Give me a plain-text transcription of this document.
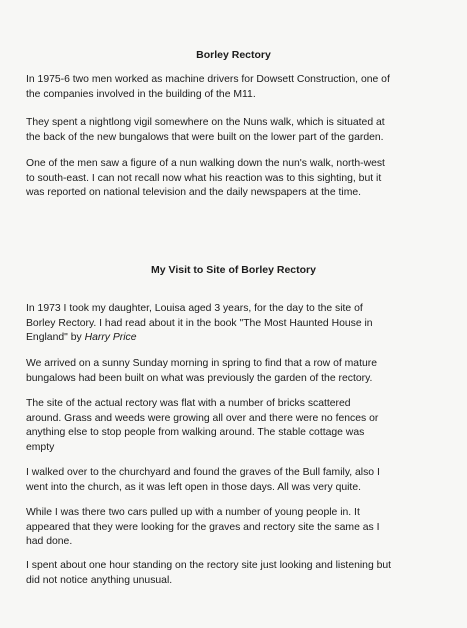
Borley Rectory
In 1975-6 two men worked as machine drivers for Dowsett Construction, one of
the companies involved in the building of the M11.
They spent a nightlong vigil somewhere on the Nuns walk, which is situated at
the back of the new bungalows that were built on the lower part of the garden.
One of the men saw a figure of a nun walking down the nun's walk, north-west
to south-east. I can not recall now what his reaction was to this sighting, but it
was reported on national television and the daily newspapers at the time.
My Visit to Site of Borley Rectory
In 1973 I took my daughter, Louisa aged 3 years, for the day to the site of
Borley Rectory. I had read about it in the book "The Most Haunted House in
England" by Harry Price
We arrived on a sunny Sunday morning in spring to find that a row of mature
bungalows had been built on what was previously the garden of the rectory.
The site of the actual rectory was flat with a number of bricks scattered
around. Grass and weeds were growing all over and there were no fences or
anything else to stop people from walking around. The stable cottage was
empty
I walked over to the churchyard and found the graves of the Bull family, also I
went into the church, as it was left open in those days. All was very quite.
While I was there two cars pulled up with a number of young people in. It
appeared that they were looking for the graves and rectory site the same as I
had done.
I spent about one hour standing on the rectory site just looking and listening but
did not notice anything unusual.
